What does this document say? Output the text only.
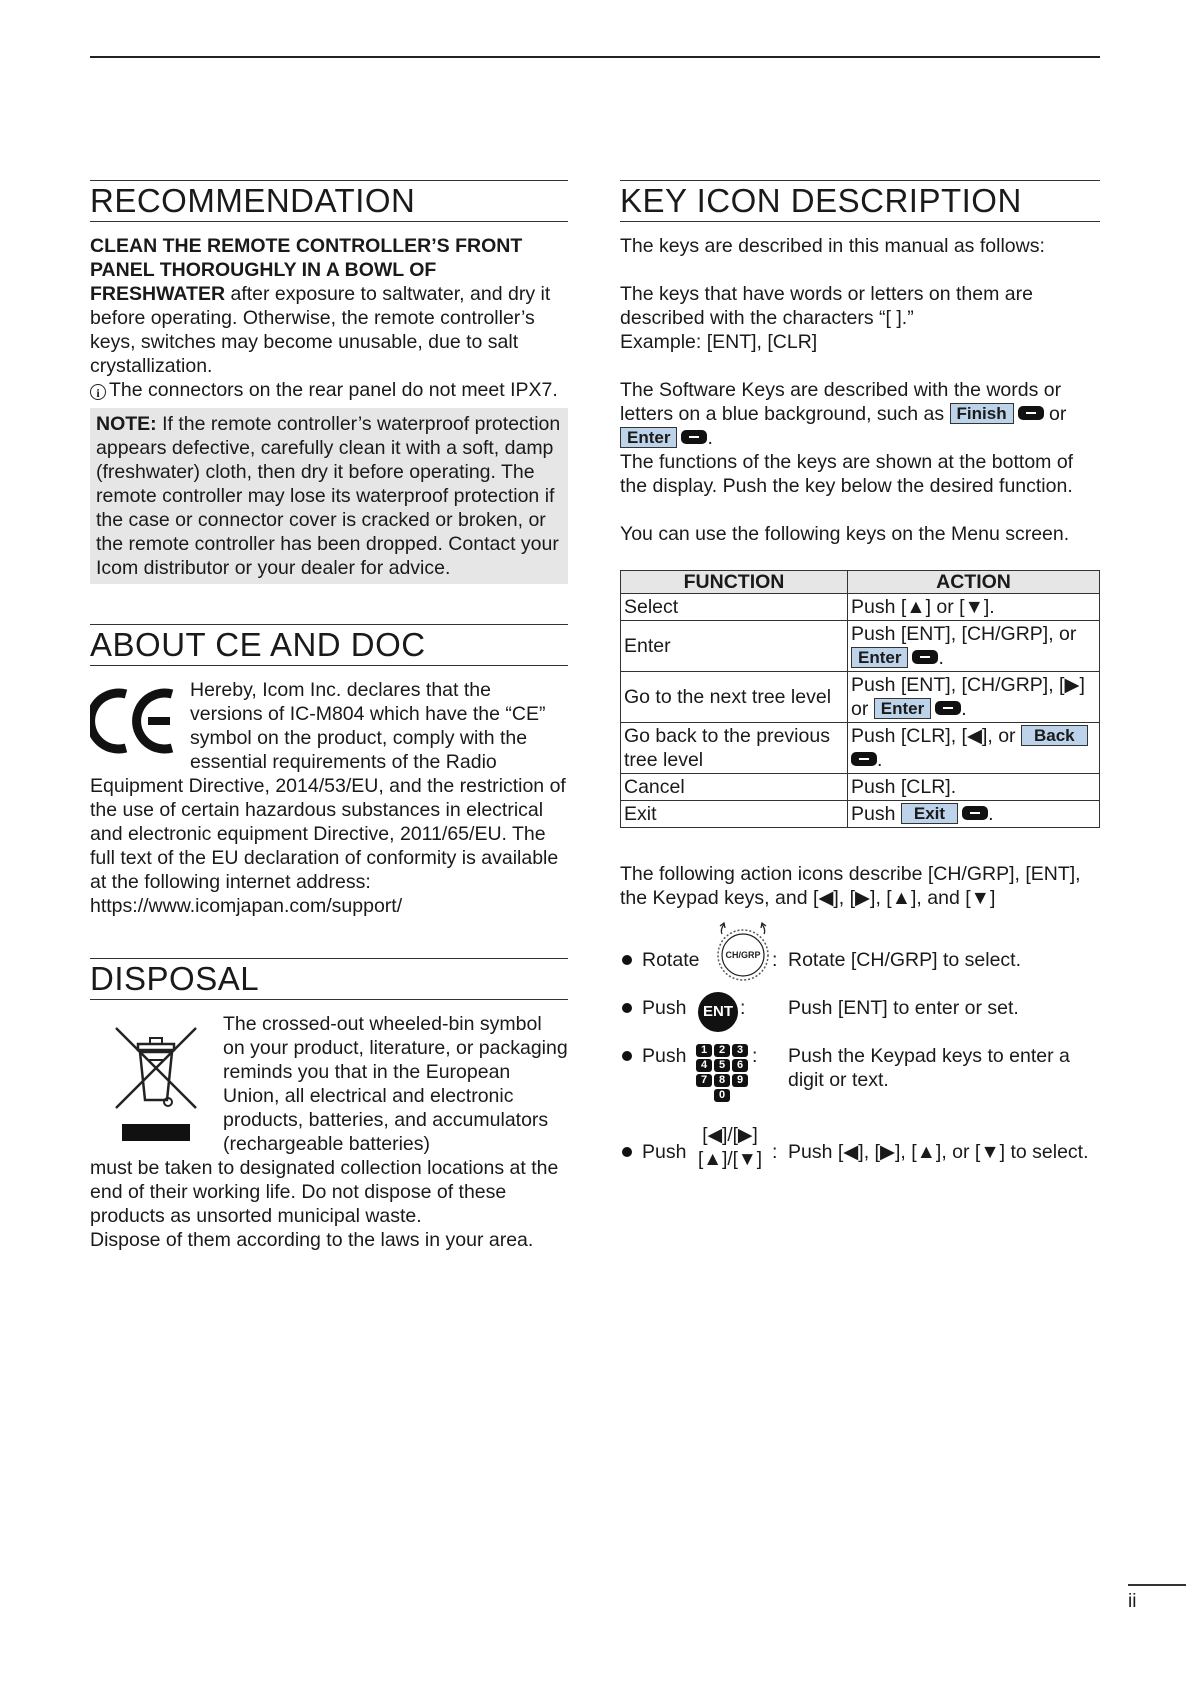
RECOMMENDATION

CLEAN THE REMOTE CONTROLLER’S FRONT PANEL THOROUGHLY IN A BOWL OF FRESHWATER after exposure to saltwater, and dry it before operating. Otherwise, the remote controller’s keys, switches may become unusable, due to salt crystallization.

i The connectors on the rear panel do not meet IPX7.

NOTE: If the remote controller’s waterproof protection appears defective, carefully clean it with a soft, damp (freshwater) cloth, then dry it before operating. The remote controller may lose its waterproof protection if the case or connector cover is cracked or broken, or the remote controller has been dropped. Contact your Icom distributor or your dealer for advice.
ABOUT CE AND DOC

Hereby, Icom Inc. declares that the versions of IC-M804 which have the “CE” symbol on the product, comply with the essential requirements of the Radio

Equipment Directive, 2014/53/EU, and the restriction of the use of certain hazardous substances in electrical and electronic equipment Directive, 2011/65/EU. The full text of the EU declaration of conformity is available at the following internet address:

https://www.icomjapan.com/support/

DISPOSAL

The crossed-out wheeled-bin symbol on your product, literature, or packaging reminds you that in the European Union, all electrical and electronic products, batteries, and accumulators (rechargeable batteries)

must be taken to designated collection locations at the end of their working life. Do not dispose of these products as unsorted municipal waste.

Dispose of them according to the laws in your area.

KEY ICON DESCRIPTION

The keys are described in this manual as follows:

The keys that have words or letters on them are described with the characters “[ ].”

Example: [ENT], [CLR]

The Software Keys are described with the words or letters on a blue background, such as Finish or
Enter .

The functions of the keys are shown at the bottom of the display. Push the key below the desired function.

You can use the following keys on the Menu screen.

FUNCTION	ACTION
Select	Push [▲] or [▼].
Enter	Push [ENT], [CH/GRP], or
Enter .
Go to the next tree level	Push [ENT], [CH/GRP], [▶] or Enter .
Go back to the previous tree level	Push [CLR], [◀], or Back
.
Cancel	Push [CLR].
Exit	Push Exit .

The following action icons describe [CH/GRP], [ENT], the Keypad keys, and [◀], [▶], [▲], and [▼]

Rotate	CH/GRP : Rotate [CH/GRP] to select.
Push	ENT : Push [ENT] to enter or set.
Push	1	2	3
4	5	6
7	8	9
0
: Push the Keypad keys to enter a digit or text.
Push
[◀]/[▶]
[▲]/[▼] : Push [◀], [▶], [▲], or [▼] to select.
ii
